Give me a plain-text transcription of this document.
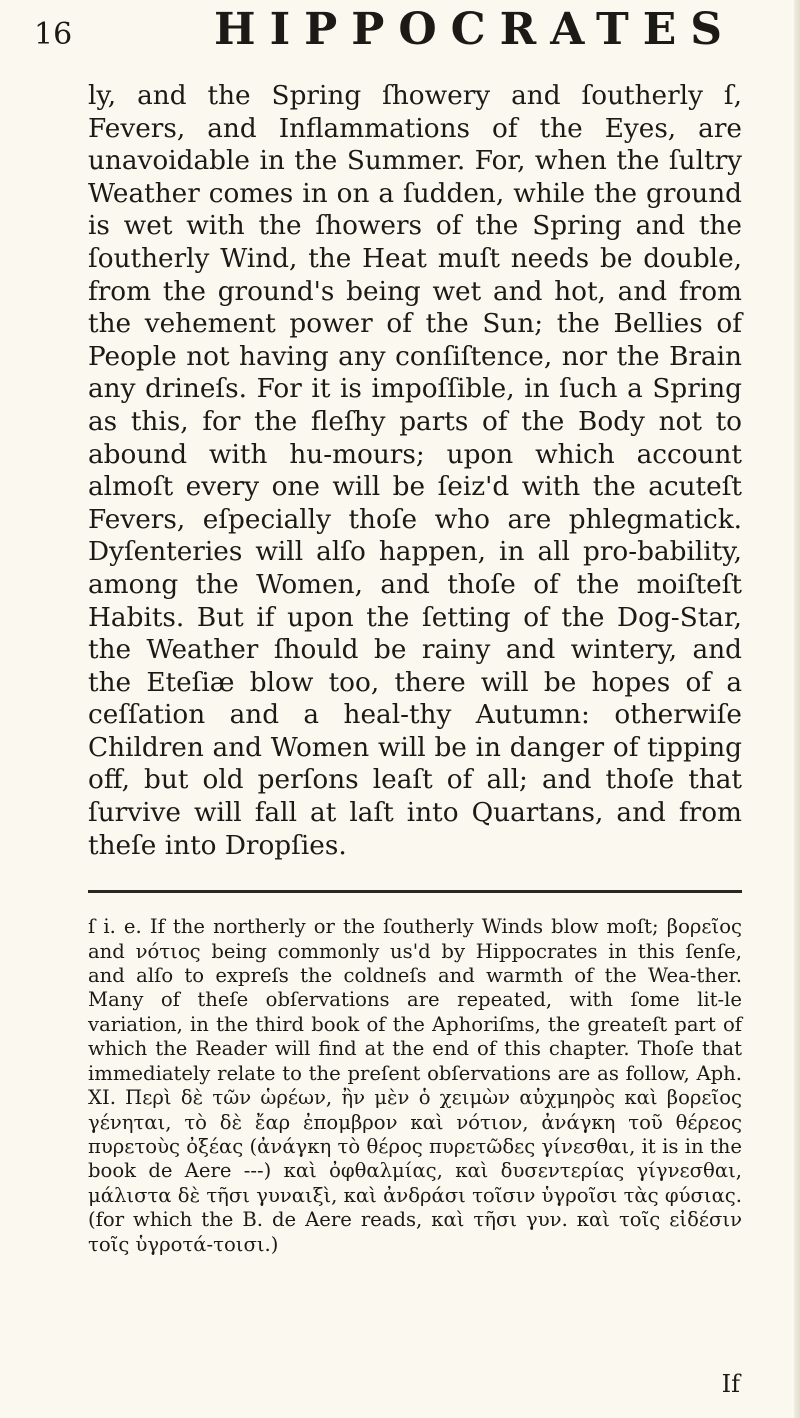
16	HIPPOCRATES

ly, and the Spring ſhowery and ſoutherly ſ, Fevers, and Inflammations of the Eyes, are unavoidable in the Summer. For, when the ſultry Weather comes in on a ſudden, while the ground is wet with the ſhowers of the Spring and the ſoutherly Wind, the Heat muſt needs be double, from the ground's being wet and hot, and from the vehement power of the Sun; the Bellies of People not having any conſiſtence, nor the Brain any drineſs. For it is impoſſible, in ſuch a Spring as this, for the fleſhy parts of the Body not to abound with hu-mours; upon which account almoſt every one will be ſeiz'd with the acuteſt Fevers, eſpecially thoſe who are phlegmatick. Dyſenteries will alſo happen, in all pro-bability, among the Women, and thoſe of the moiſteſt Habits. But if upon the ſetting of the Dog-Star, the Weather ſhould be rainy and wintery, and the Eteſiæ blow too, there will be hopes of a ceſſation and a heal-thy Autumn: otherwiſe Children and Women will be in danger of tipping off, but old perſons leaſt of all; and thoſe that ſurvive will fall at laſt into Quartans, and from theſe into Dropſies.

ſ i. e. If the northerly or the ſoutherly Winds blow moſt; βορεῖος and νότιος being commonly us'd by Hippocrates in this ſenſe, and alſo to expreſs the coldneſs and warmth of the Wea-ther. Many of theſe obſervations are repeated, with ſome lit-le variation, in the third book of the Aphoriſms, the greateſt part of which the Reader will find at the end of this chapter. Thoſe that immediately relate to the preſent obſervations are as follow, Aph. XI. Περὶ δὲ τῶν ὡρέων, ἢν μὲν ὁ χειμὼν αὐχμηρὸς καὶ βορεῖος γένηται, τὸ δὲ ἔαρ ἐπομβρον καὶ νότιον, ἀνάγκη τοῦ θέρεος πυρετοὺς ὀξέας (ἀνάγκη τὸ θέρος πυρετῶδες γίνεσθαι, it is in the book de Aere ---) καὶ ὀφθαλμίας, καὶ δυσεντερίας γίγνεσθαι, μάλιστα δὲ τῆσι γυναιξὶ, καὶ ἀνδράσι τοῖσιν ὑγροῖσι τὰς φύσιας. (for which the B. de Aere reads, καὶ τῆσι γυν. καὶ τοῖς εἰδέσιν τοῖς ὑγροτά-τοισι.)

If
